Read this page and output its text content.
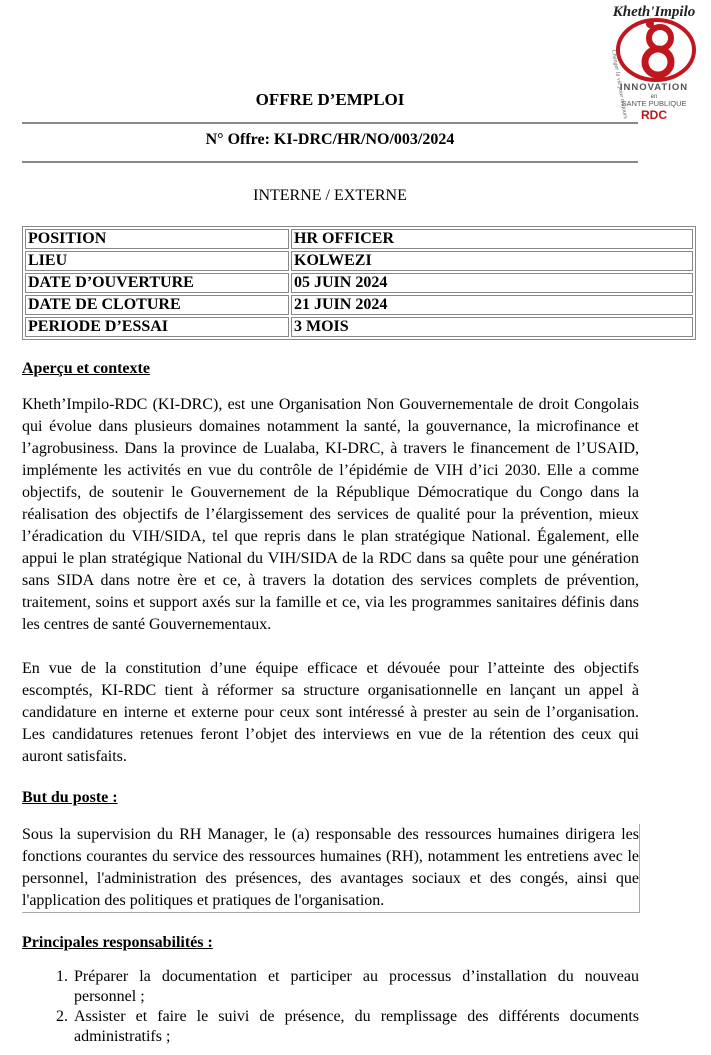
Kheth'Impilo
Changer la vie pour toujours
INNOVATION
en
SANTE PUBLIQUE
RDC
OFFRE D’EMPLOI
N° Offre: KI-DRC/HR/NO/003/2024
INTERNE / EXTERNE
POSITION	HR OFFICER
LIEU	KOLWEZI
DATE D’OUVERTURE	05 JUIN 2024
DATE DE CLOTURE	21 JUIN 2024
PERIODE D’ESSAI	3 MOIS
Aperçu et contexte
Kheth’Impilo-RDC (KI-DRC), est une Organisation Non Gouvernementale de droit Congolais qui évolue dans plusieurs domaines notamment la santé, la gouvernance, la microfinance et l’agrobusiness. Dans la province de Lualaba, KI-DRC, à travers le financement de l’USAID, implémente les activités en vue du contrôle de l’épidémie de VIH d’ici 2030. Elle a comme objectifs, de soutenir le Gouvernement de la République Démocratique du Congo dans la réalisation des objectifs de l’élargissement des services de qualité pour la prévention, mieux l’éradication du VIH/SIDA, tel que repris dans le plan stratégique National. Également, elle appui le plan stratégique National du VIH/SIDA de la RDC dans sa quête pour une génération sans SIDA dans notre ère et ce, à travers la dotation des services complets de prévention, traitement, soins et support axés sur la famille et ce, via les programmes sanitaires définis dans les centres de santé Gouvernementaux.
En vue de la constitution d’une équipe efficace et dévouée pour l’atteinte des objectifs escomptés, KI-RDC tient à réformer sa structure organisationnelle en lançant un appel à candidature en interne et externe pour ceux sont intéressé à prester au sein de l’organisation. Les candidatures retenues feront l’objet des interviews en vue de la rétention des ceux qui auront satisfaits.
But du poste :
Sous la supervision du RH Manager, le (a) responsable des ressources humaines dirigera les fonctions courantes du service des ressources humaines (RH), notamment les entretiens avec le personnel, l'administration des présences, des avantages sociaux et des congés, ainsi que l'application des politiques et pratiques de l'organisation.
Principales responsabilités :
1. Préparer la documentation et participer au processus d’installation du nouveau personnel ;
2. Assister et faire le suivi de présence, du remplissage des différents documents administratifs ;
